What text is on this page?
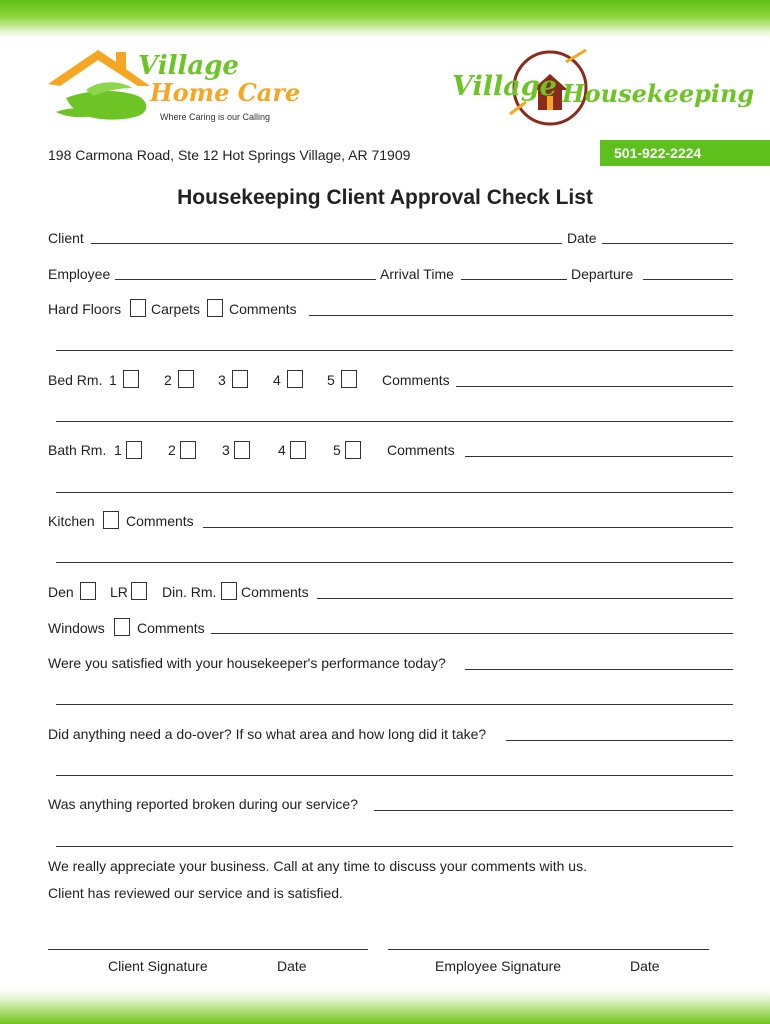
Village
Home Care
Where Caring is our Calling
Village Housekeeping
198 Carmona Road, Ste 12 Hot Springs Village, AR 71909	501-922-2224
Housekeeping Client Approval Check List
Client	Date
Employee	Arrival Time	Departure
Hard Floors Carpets Comments
Bed Rm. 1	2	3	4	5	Comments
Bath Rm. 1	2	3	4	5	Comments
Kitchen Comments
Den	LR Din. Rm. Comments
Windows Comments
Were you satisfied with your housekeeper's performance today?
Did anything need a do-over? If so what area and how long did it take?
Was anything reported broken during our service?
We really appreciate your business. Call at any time to discuss your comments with us.
Client has reviewed our service and is satisfied.
Client Signature	Date	Employee Signature	Date
